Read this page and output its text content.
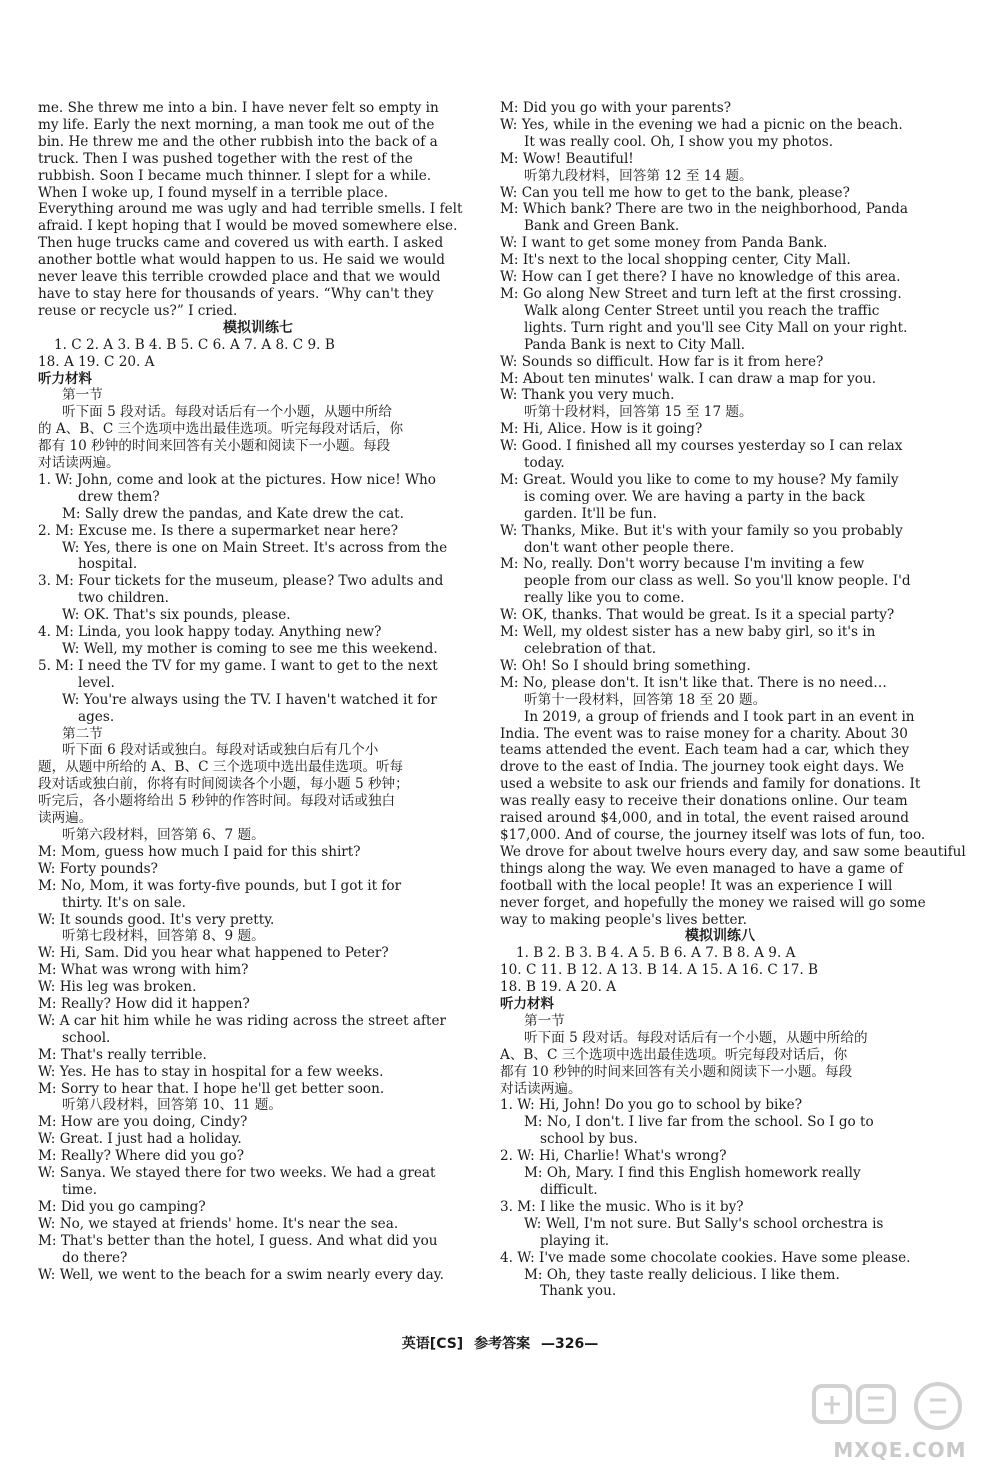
me. She threw me into a bin. I have never felt so empty in
my life. Early the next morning, a man took me out of the
bin. He threw me and the other rubbish into the back of a
truck. Then I was pushed together with the rest of the
rubbish. Soon I became much thinner. I slept for a while.
When I woke up, I found myself in a terrible place.
Everything around me was ugly and had terrible smells. I felt
afraid. I kept hoping that I would be moved somewhere else.
Then huge trucks came and covered us with earth. I asked
another bottle what would happen to us. He said we would
never leave this terrible crowded place and that we would
have to stay here for thousands of years. “Why can't they
reuse or recycle us?” I cried.
模拟训练七
1. C 2. A 3. B 4. B 5. C 6. A 7. A 8. C 9. B
18. A 19. C 20. A
听力材料
第一节
听下面 5 段对话。每段对话后有一个小题，从题中所给
的 A、B、C 三个选项中选出最佳选项。听完每段对话后，你
都有 10 秒钟的时间来回答有关小题和阅读下一小题。每段
对话读两遍。
1. W: John, come and look at the pictures. How nice! Who
drew them?
M: Sally drew the pandas, and Kate drew the cat.
2. M: Excuse me. Is there a supermarket near here?
W: Yes, there is one on Main Street. It's across from the
hospital.
3. M: Four tickets for the museum, please? Two adults and
two children.
W: OK. That's six pounds, please.
4. M: Linda, you look happy today. Anything new?
W: Well, my mother is coming to see me this weekend.
5. M: I need the TV for my game. I want to get to the next
level.
W: You're always using the TV. I haven't watched it for
ages.
第二节
听下面 6 段对话或独白。每段对话或独白后有几个小
题，从题中所给的 A、B、C 三个选项中选出最佳选项。听每
段对话或独白前，你将有时间阅读各个小题，每小题 5 秒钟；
听完后，各小题将给出 5 秒钟的作答时间。每段对话或独白
读两遍。
听第六段材料，回答第 6、7 题。
M: Mom, guess how much I paid for this shirt?
W: Forty pounds?
M: No, Mom, it was forty-five pounds, but I got it for
thirty. It's on sale.
W: It sounds good. It's very pretty.
听第七段材料，回答第 8、9 题。
W: Hi, Sam. Did you hear what happened to Peter?
M: What was wrong with him?
W: His leg was broken.
M: Really? How did it happen?
W: A car hit him while he was riding across the street after
school.
M: That's really terrible.
W: Yes. He has to stay in hospital for a few weeks.
M: Sorry to hear that. I hope he'll get better soon.
听第八段材料，回答第 10、11 题。
M: How are you doing, Cindy?
W: Great. I just had a holiday.
M: Really? Where did you go?
W: Sanya. We stayed there for two weeks. We had a great
time.
M: Did you go camping?
W: No, we stayed at friends' home. It's near the sea.
M: That's better than the hotel, I guess. And what did you
do there?
W: Well, we went to the beach for a swim nearly every day.
M: Did you go with your parents?
W: Yes, while in the evening we had a picnic on the beach.
It was really cool. Oh, I show you my photos.
M: Wow! Beautiful!
听第九段材料，回答第 12 至 14 题。
W: Can you tell me how to get to the bank, please?
M: Which bank? There are two in the neighborhood, Panda
Bank and Green Bank.
W: I want to get some money from Panda Bank.
M: It's next to the local shopping center, City Mall.
W: How can I get there? I have no knowledge of this area.
M: Go along New Street and turn left at the first crossing.
Walk along Center Street until you reach the traffic
lights. Turn right and you'll see City Mall on your right.
Panda Bank is next to City Mall.
W: Sounds so difficult. How far is it from here?
M: About ten minutes' walk. I can draw a map for you.
W: Thank you very much.
听第十段材料，回答第 15 至 17 题。
M: Hi, Alice. How is it going?
W: Good. I finished all my courses yesterday so I can relax
today.
M: Great. Would you like to come to my house? My family
is coming over. We are having a party in the back
garden. It'll be fun.
W: Thanks, Mike. But it's with your family so you probably
don't want other people there.
M: No, really. Don't worry because I'm inviting a few
people from our class as well. So you'll know people. I'd
really like you to come.
W: OK, thanks. That would be great. Is it a special party?
M: Well, my oldest sister has a new baby girl, so it's in
celebration of that.
W: Oh! So I should bring something.
M: No, please don't. It isn't like that. There is no need…
听第十一段材料，回答第 18 至 20 题。
In 2019, a group of friends and I took part in an event in
India. The event was to raise money for a charity. About 30
teams attended the event. Each team had a car, which they
drove to the east of India. The journey took eight days. We
used a website to ask our friends and family for donations. It
was really easy to receive their donations online. Our team
raised around $4,000, and in total, the event raised around
$17,000. And of course, the journey itself was lots of fun, too.
We drove for about twelve hours every day, and saw some beautiful
things along the way. We even managed to have a game of
football with the local people! It was an experience I will
never forget, and hopefully the money we raised will go some
way to making people's lives better.
模拟训练八
1. B 2. B 3. B 4. A 5. B 6. A 7. B 8. A 9. A
10. C 11. B 12. A 13. B 14. A 15. A 16. C 17. B
18. B 19. A 20. A
听力材料
第一节
听下面 5 段对话。每段对话后有一个小题，从题中所给的
A、B、C 三个选项中选出最佳选项。听完每段对话后，你
都有 10 秒钟的时间来回答有关小题和阅读下一小题。每段
对话读两遍。
1. W: Hi, John! Do you go to school by bike?
M: No, I don't. I live far from the school. So I go to
school by bus.
2. W: Hi, Charlie! What's wrong?
M: Oh, Mary. I find this English homework really
difficult.
3. M: I like the music. Who is it by?
W: Well, I'm not sure. But Sally's school orchestra is
playing it.
4. W: I've made some chocolate cookies. Have some please.
M: Oh, they taste really delicious. I like them.
Thank you.
英语[CS] 参考答案 —326—
MXQE.COM
